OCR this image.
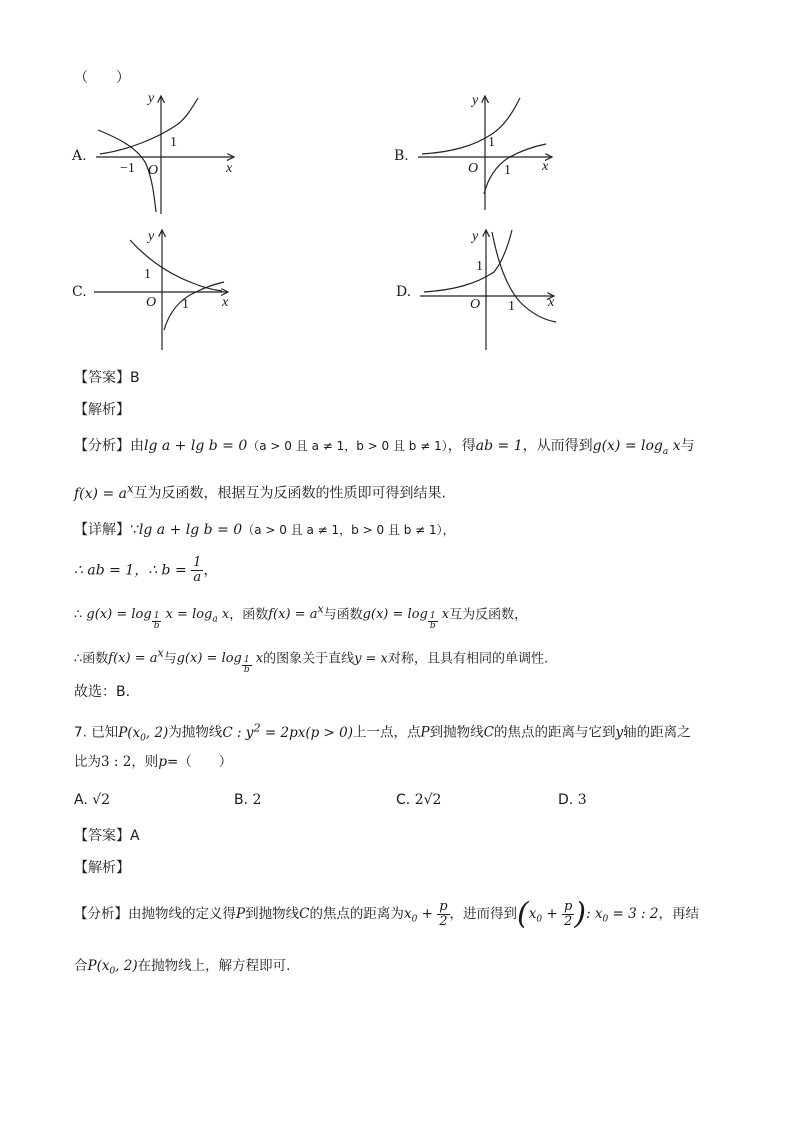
（　　）
A.
y
x
O
1
−1
B.
y
x
O
1
1
C.
y
x
O
1
1
D.
y
x
O
1
1
【答案】B
【解析】
【分析】由lg a + lg b = 0（a > 0 且 a ≠ 1，b > 0 且 b ≠ 1），得ab = 1，从而得到$g(x) = \log_a x$与
$f(x) = a^x$互为反函数，根据互为反函数的性质即可得到结果.
【详解】∵lg a + lg b = 0（a > 0 且 a ≠ 1，b > 0 且 b ≠ 1），
∴ ab = 1，∴ $b = \frac{1}{a}$ ，
∴ $g(x) = \log \frac{1}{b}$ $x = \log_a x$，函数$f(x) = a^x$与函数$g(x) = \log \frac{1}{b}$ x互为反函数，
∴函数$f(x) = a^x$与$g(x) = \log \frac{1}{b}$ x的图象关于直线y = x对称，且具有相同的单调性.
故选：B.
7. 已知$P(x_0$, 2)为抛物线C : $y^2 = 2px(p > 0)$上一点，点P到抛物线C的焦点的距离与它到y轴的距离之
比为3 : 2，则p=（　　）
A. √2	B. 2	C. 2√2	D. 3
【答案】A
【解析】
【分析】由抛物线的定义得P到抛物线C的焦点的距离为$x_0 + \frac{p}{2}$ ，进而得到($x_0 + \frac{p}{2}$ ): $x_0 = 3$ : 2，再结
合$P(x_0$, 2)在抛物线上，解方程即可.
